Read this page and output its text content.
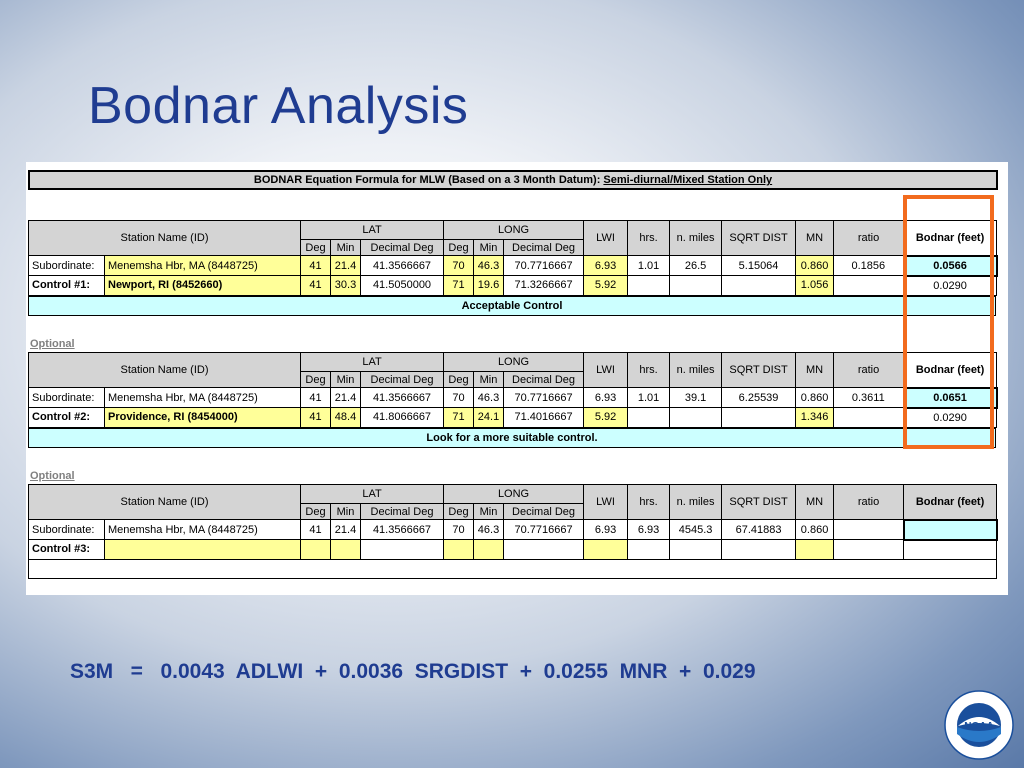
Bodnar Analysis
BODNAR Equation Formula for MLW (Based on a 3 Month Datum): Semi-diurnal/Mixed Station Only
Station Name (ID)		LAT			LONG			LWI	hrs.	n. miles	SQRT DIST	MN	ratio	Bodnar (feet)
		Deg	Min	Decimal Deg	Deg	Min	Decimal Deg							
Subordinate:	Menemsha Hbr, MA (8448725)	41	21.4	41.3566667	70	46.3	70.7716667	6.93	1.01	26.5	5.15064	0.860	0.1856	0.0566
Control #1:	Newport, RI (8452660)	41	30.3	41.5050000	71	19.6	71.3266667	5.92				1.056		0.0290
Acceptable Control
Optional
Station Name (ID)		LAT			LONG			LWI	hrs.	n. miles	SQRT DIST	MN	ratio	Bodnar (feet)
		Deg	Min	Decimal Deg	Deg	Min	Decimal Deg							
Subordinate:	Menemsha Hbr, MA (8448725)	41	21.4	41.3566667	70	46.3	70.7716667	6.93	1.01	39.1	6.25539	0.860	0.3611	0.0651
Control #2:	Providence, RI (8454000)	41	48.4	41.8066667	71	24.1	71.4016667	5.92				1.346		0.0290
Look for a more suitable control.
Optional
Station Name (ID)		LAT			LONG			LWI	hrs.	n. miles	SQRT DIST	MN	ratio	Bodnar (feet)
		Deg	Min	Decimal Deg	Deg	Min	Decimal Deg							
Subordinate:	Menemsha Hbr, MA (8448725)	41	21.4	41.3566667	70	46.3	70.7716667	6.93	6.93	4545.3	67.41883	0.860		
Control #3:														

S3M   =   0.0043  ADLWI  +  0.0036  SRGDIST  +  0.0255  MNR  +  0.029
NOAA
